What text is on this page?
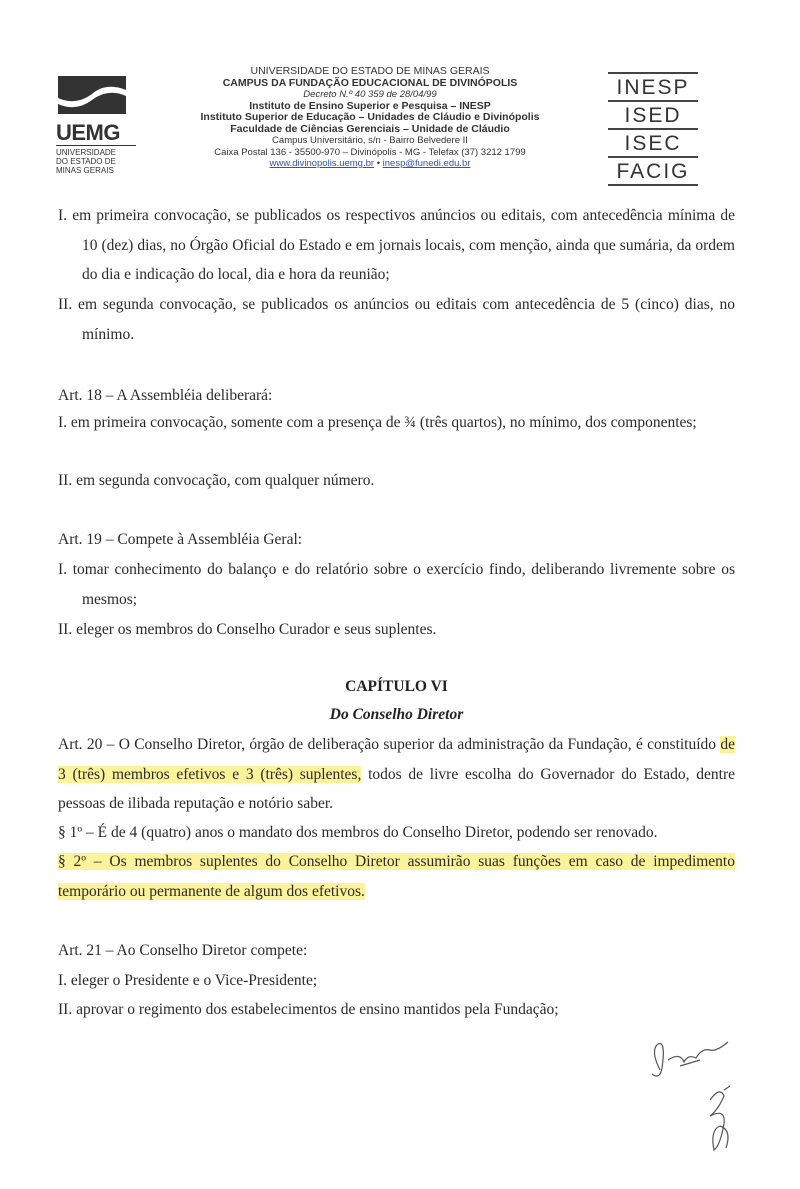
UEMG
UNIVERSIDADE
DO ESTADO DE
MINAS GERAIS
UNIVERSIDADE DO ESTADO DE MINAS GERAIS
CAMPUS DA FUNDAÇÃO EDUCACIONAL DE DIVINÓPOLIS
Decreto N.º 40 359 de 28/04/99
Instituto de Ensino Superior e Pesquisa – INESP
Instituto Superior de Educação – Unidades de Cláudio e Divinópolis
Faculdade de Ciências Gerenciais – Unidade de Cláudio
Campus Universitário, s/n - Bairro Belvedere II
Caixa Postal 136 - 35500-970 – Divinópolis - MG - Telefax (37) 3212 1799
www.divinopolis.uemg.br • inesp@funedi.edu.br
INESP
ISED
ISEC
FACIG
I. em primeira convocação, se publicados os respectivos anúncios ou editais, com antecedência mínima de 10 (dez) dias, no Órgão Oficial do Estado e em jornais locais, com menção, ainda que sumária, da ordem do dia e indicação do local, dia e hora da reunião;
II. em segunda convocação, se publicados os anúncios ou editais com antecedência de 5 (cinco) dias, no mínimo.
Art. 18 – A Assembléia deliberará:
I. em primeira convocação, somente com a presença de ¾ (três quartos), no mínimo, dos componentes;
II. em segunda convocação, com qualquer número.
Art. 19 – Compete à Assembléia Geral:
I. tomar conhecimento do balanço e do relatório sobre o exercício findo, deliberando livremente sobre os mesmos;
II. eleger os membros do Conselho Curador e seus suplentes.
CAPÍTULO VI
Do Conselho Diretor
Art. 20 – O Conselho Diretor, órgão de deliberação superior da administração da Fundação, é constituído de 3 (três) membros efetivos e 3 (três) suplentes, todos de livre escolha do Governador do Estado, dentre pessoas de ilibada reputação e notório saber.
§ 1º – É de 4 (quatro) anos o mandato dos membros do Conselho Diretor, podendo ser renovado.
§ 2º – Os membros suplentes do Conselho Diretor assumirão suas funções em caso de impedimento temporário ou permanente de algum dos efetivos.
Art. 21 – Ao Conselho Diretor compete:
I. eleger o Presidente e o Vice-Presidente;
II. aprovar o regimento dos estabelecimentos de ensino mantidos pela Fundação;
